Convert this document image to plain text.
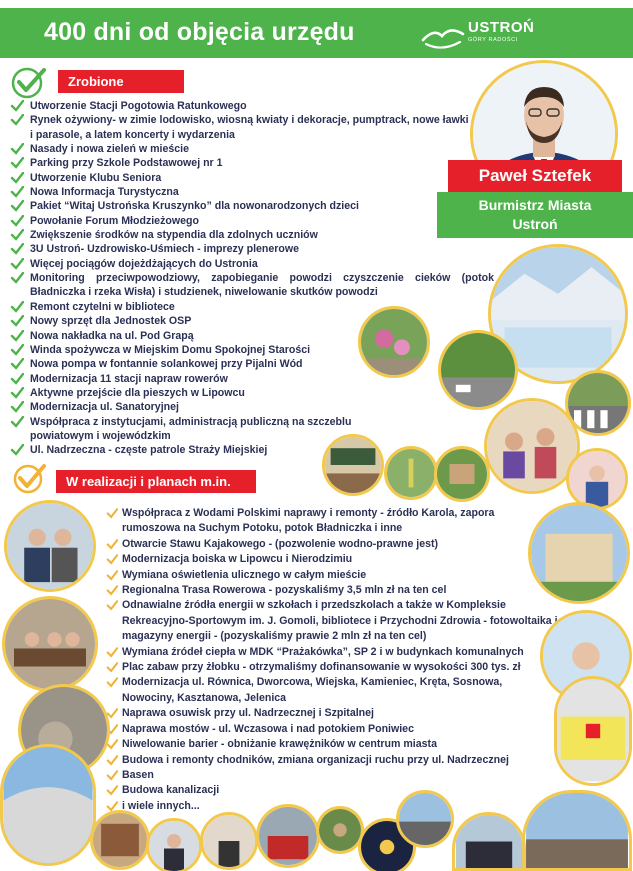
400 dni od objęcia urzędu	USTROŃ
GÓRY RADOŚCI
Zrobione
Utworzenie Stacji Pogotowia Ratunkowego
Rynek ożywiony- w zimie lodowisko, wiosną kwiaty i dekoracje, pumptrack, nowe ławki i parasole, a latem koncerty i wydarzenia
Nasady i nowa zieleń w mieście
Parking przy Szkole Podstawowej nr 1
Utworzenie Klubu Seniora
Nowa Informacja Turystyczna
Pakiet “Witaj Ustrońska Kruszynko” dla nowonarodzonych dzieci
Powołanie Forum Młodzieżowego
Zwiększenie środków na stypendia dla zdolnych uczniów
3U Ustroń- Uzdrowisko-Uśmiech - imprezy plenerowe
Więcej pociągów dojeżdżających do Ustronia
Monitoring przeciwpowodziowy, zapobieganie powodzi czyszczenie cieków (potok Bładniczka i rzeka Wisła) i studzienek, niwelowanie skutków powodzi
Remont czytelni w bibliotece
Nowy sprzęt dla Jednostek OSP
Nowa nakładka na ul. Pod Grapą
Winda spożywcza w Miejskim Domu Spokojnej Starości
Nowa pompa w fontannie solankowej przy Pijalni Wód
Modernizacja 11 stacji napraw rowerów
Aktywne przejście dla pieszych w Lipowcu
Modernizacja ul. Sanatoryjnej
Współpraca z instytucjami, administracją publiczną na szczeblu powiatowym i wojewódzkim
Ul. Nadrzeczna - częste patrole Straży Miejskiej
W realizacji i planach m.in.
Współpraca z Wodami Polskimi naprawy i remonty - źródło Karola, zapora rumoszowa na Suchym Potoku, potok Bładniczka i inne
Otwarcie Stawu Kajakowego - (pozwolenie wodno-prawne jest)
Modernizacja boiska w Lipowcu i Nierodzimiu
Wymiana oświetlenia ulicznego w całym mieście
Regionalna Trasa Rowerowa - pozyskaliśmy 3,5 mln zł na ten cel
Odnawialne źródła energii w szkołach i przedszkolach a także w Kompleksie Rekreacyjno-Sportowym im. J. Gomoli, bibliotece i Przychodni Zdrowia - fotowoltaika i magazyny energii - (pozyskaliśmy prawie 2 mln zł na ten cel)
Wymiana źródeł ciepła w MDK “Prażakówka”, SP 2 i w budynkach komunalnych
Plac zabaw przy żłobku - otrzymaliśmy dofinansowanie w wysokości 300 tys. zł
Modernizacja ul. Równica, Dworcowa, Wiejska, Kamieniec, Kręta, Sosnowa, Nowociny, Kasztanowa, Jelenica
Naprawa osuwisk przy ul. Nadrzecznej i Szpitalnej
Naprawa mostów - ul. Wczasowa i nad potokiem Poniwiec
Niwelowanie barier - obniżanie krawężników w centrum miasta
Budowa i remonty chodników, zmiana organizacji ruchu przy ul. Nadrzecznej
Basen
Budowa kanalizacji
i wiele innych...
Paweł Sztefek
Burmistrz Miasta
Ustroń
